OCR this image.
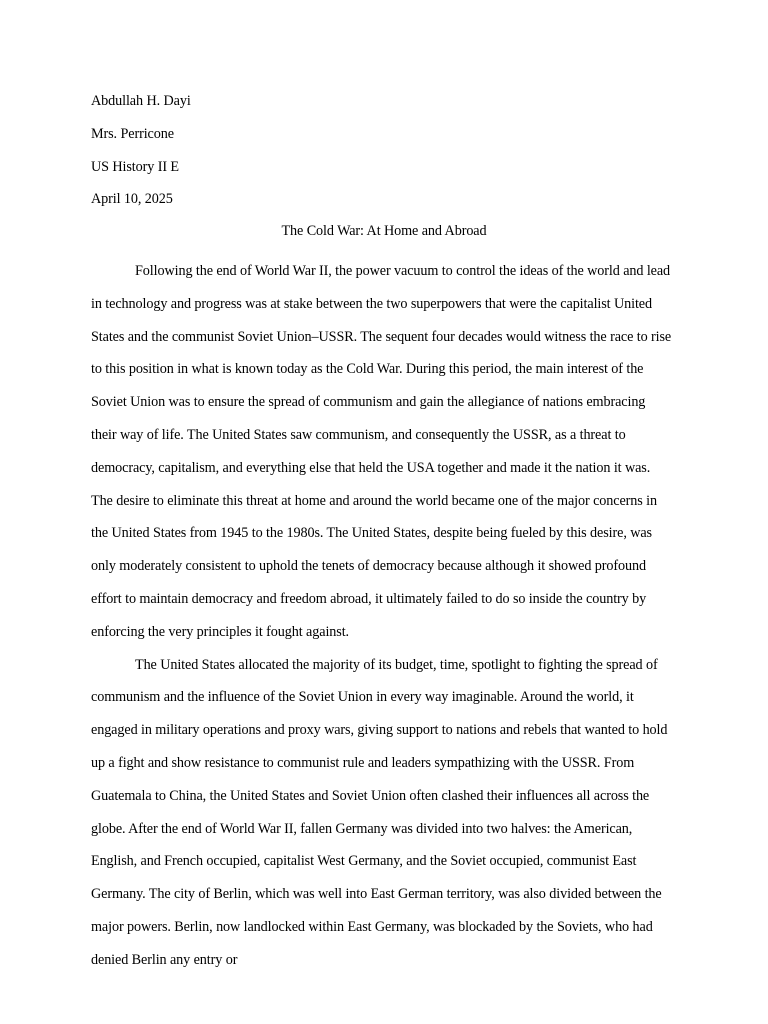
Abdullah H. Dayi
Mrs. Perricone
US History II E
April 10, 2025
The Cold War: At Home and Abroad

Following the end of World War II, the power vacuum to control the ideas of the world and lead in technology and progress was at stake between the two superpowers that were the capitalist United States and the communist Soviet Union–USSR. The sequent four decades would witness the race to rise to this position in what is known today as the Cold War. During this period, the main interest of the Soviet Union was to ensure the spread of communism and gain the allegiance of nations embracing their way of life. The United States saw communism, and consequently the USSR, as a threat to democracy, capitalism, and everything else that held the USA together and made it the nation it was. The desire to eliminate this threat at home and around the world became one of the major concerns in the United States from 1945 to the 1980s. The United States, despite being fueled by this desire, was only moderately consistent to uphold the tenets of democracy because although it showed profound effort to maintain democracy and freedom abroad, it ultimately failed to do so inside the country by enforcing the very principles it fought against.

The United States allocated the majority of its budget, time, spotlight to fighting the spread of communism and the influence of the Soviet Union in every way imaginable. Around the world, it engaged in military operations and proxy wars, giving support to nations and rebels that wanted to hold up a fight and show resistance to communist rule and leaders sympathizing with the USSR. From Guatemala to China, the United States and Soviet Union often clashed their influences all across the globe. After the end of World War II, fallen Germany was divided into two halves: the American, English, and French occupied, capitalist West Germany, and the Soviet occupied, communist East Germany. The city of Berlin, which was well into East German territory, was also divided between the major powers. Berlin, now landlocked within East Germany, was blockaded by the Soviets, who had denied Berlin any entry or
